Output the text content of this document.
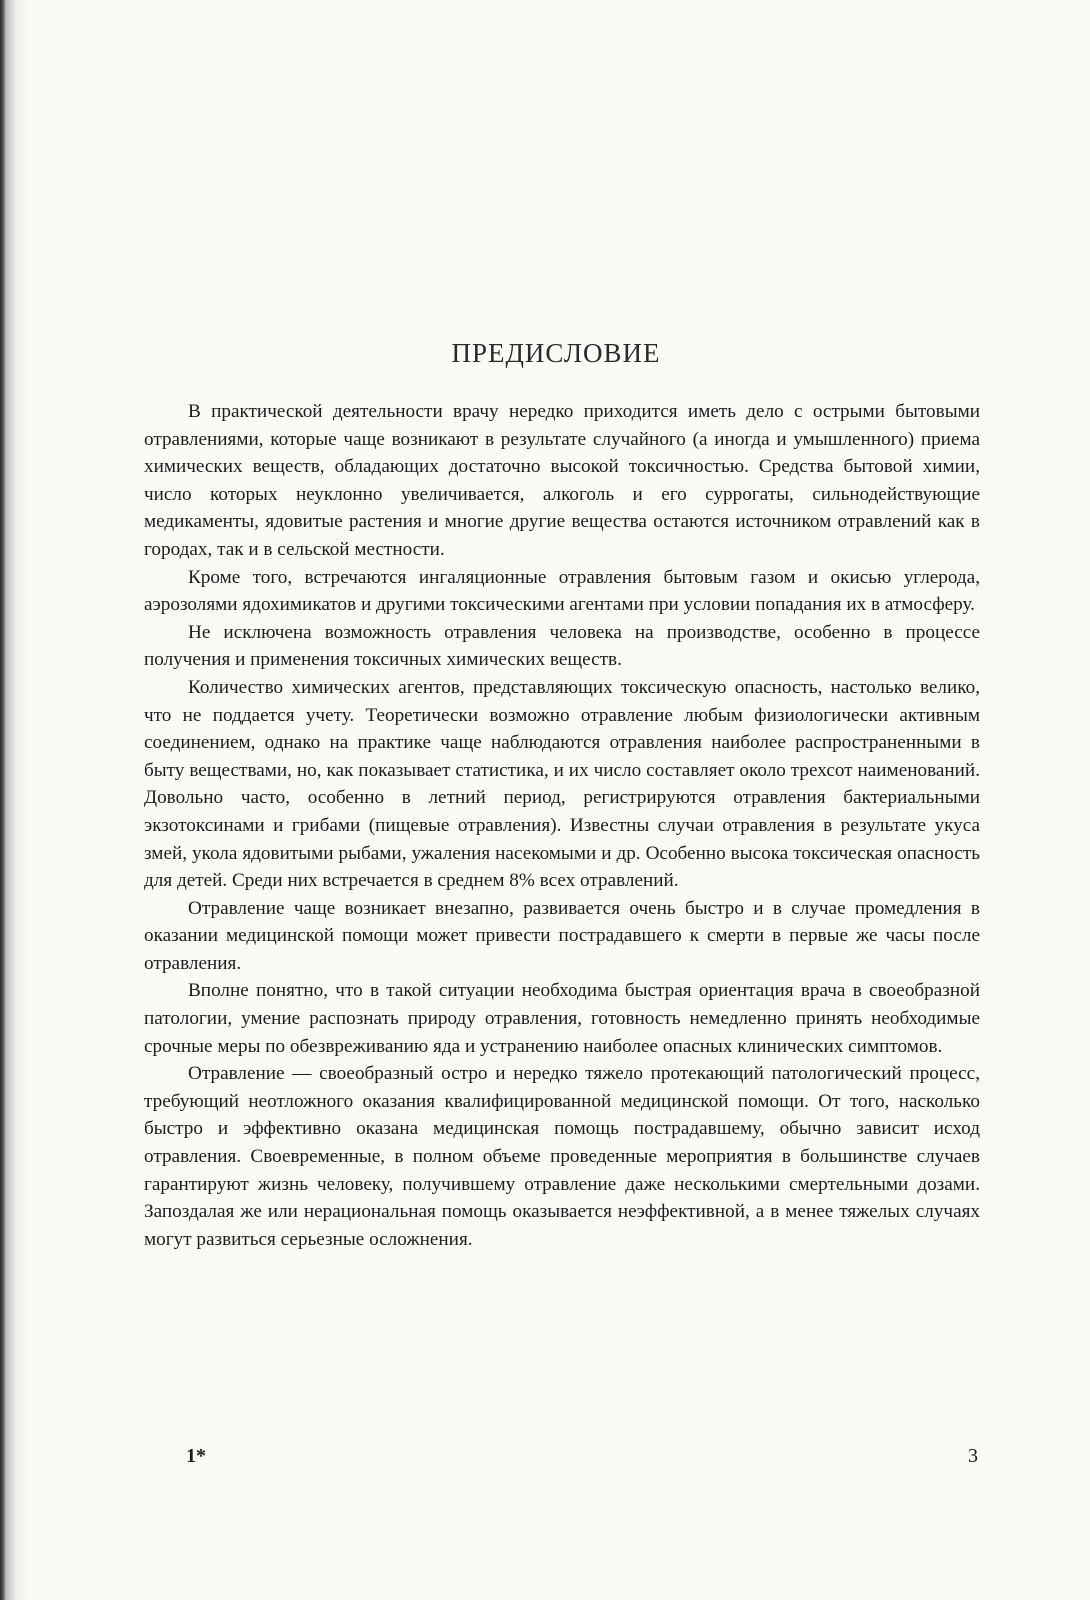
ПРЕДИСЛОВИЕ

В практической деятельности врачу нередко приходится иметь дело с острыми бытовыми отравлениями, которые чаще возникают в результате случайного (а иногда и умышленного) приема химических веществ, обладающих достаточно высокой токсичностью. Средства бытовой химии, число которых неуклонно увеличивается, алкоголь и его суррогаты, сильнодействующие медикаменты, ядовитые растения и многие другие вещества остаются источником отравлений как в городах, так и в сельской местности.

Кроме того, встречаются ингаляционные отравления бытовым газом и окисью углерода, аэрозолями ядохимикатов и другими токсическими агентами при условии попадания их в атмосферу.

Не исключена возможность отравления человека на производстве, особенно в процессе получения и применения токсичных химических веществ.

Количество химических агентов, представляющих токсическую опасность, настолько велико, что не поддается учету. Теоретически возможно отравление любым физиологически активным соединением, однако на практике чаще наблюдаются отравления наиболее распространенными в быту веществами, но, как показывает статистика, и их число составляет около трехсот наименований. Довольно часто, особенно в летний период, регистрируются отравления бактериальными экзотоксинами и грибами (пищевые отравления). Известны случаи отравления в результате укуса змей, укола ядовитыми рыбами, ужаления насекомыми и др. Особенно высока токсическая опасность для детей. Среди них встречается в среднем 8% всех отравлений.

Отравление чаще возникает внезапно, развивается очень быстро и в случае промедления в оказании медицинской помощи может привести пострадавшего к смерти в первые же часы после отравления.

Вполне понятно, что в такой ситуации необходима быстрая ориентация врача в своеобразной патологии, умение распознать природу отравления, готовность немедленно принять необходимые срочные меры по обезвреживанию яда и устранению наиболее опасных клинических симптомов.

Отравление — своеобразный остро и нередко тяжело протекающий патологический процесс, требующий неотложного оказания квалифицированной медицинской помощи. От того, насколько быстро и эффективно оказана медицинская помощь пострадавшему, обычно зависит исход отравления. Своевременные, в полном объеме проведенные мероприятия в большинстве случаев гарантируют жизнь человеку, получившему отравление даже несколькими смертельными дозами. Запоздалая же или нерациональная помощь оказывается неэффективной, а в менее тяжелых случаях могут развиться серьезные осложнения.

1*	3
